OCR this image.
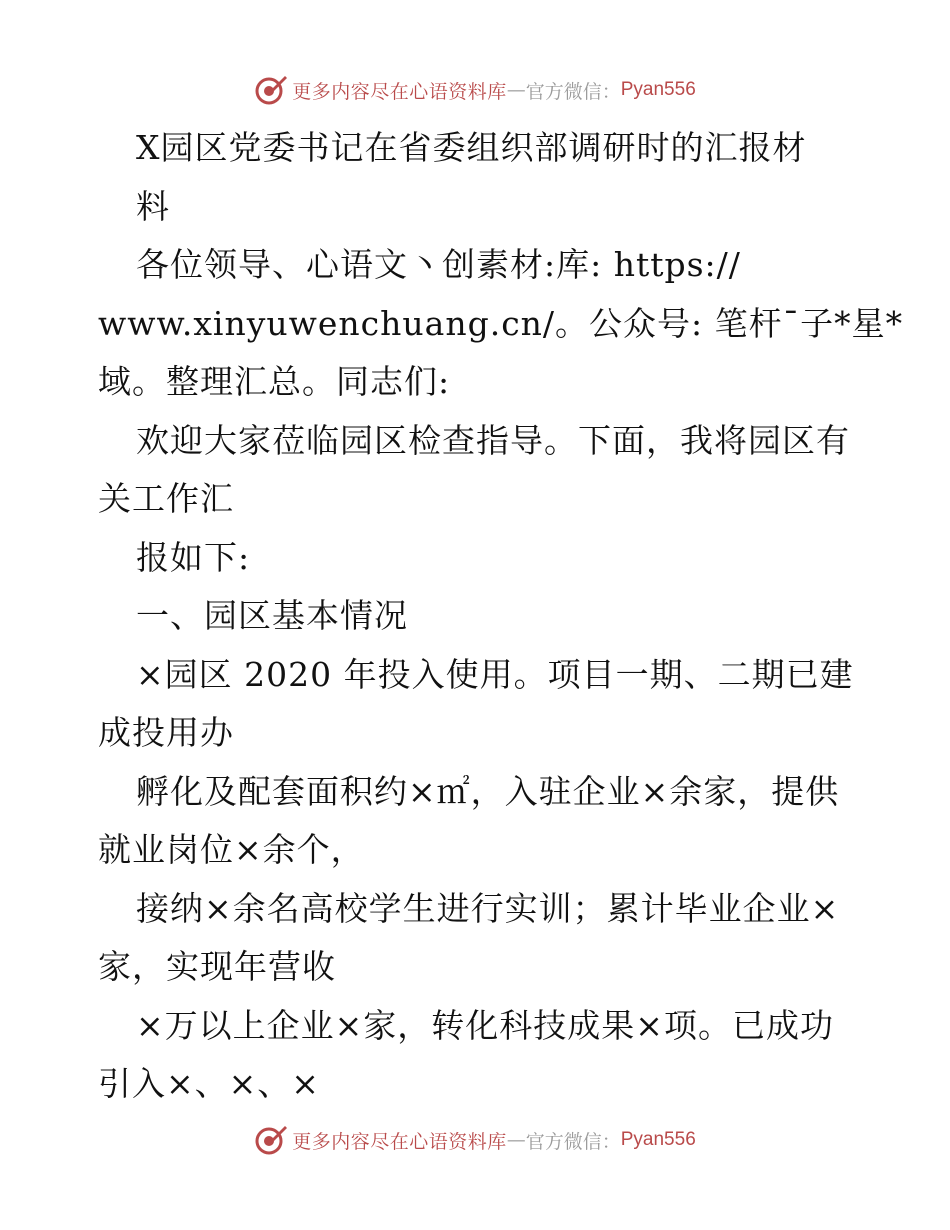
更多内容尽在心语资料库 — 官方微信： Pyan556
X园区党委书记在省委组织部调研时的汇报材
料
各位领导、心语文丶创素材:库: https://
www.xinyuwenchuang.cn/。公众号: 笔杆¯子*星*
域。整理汇总。同志们:
欢迎大家莅临园区检查指导。下面，我将园区有
关工作汇
报如下:
一、园区基本情况
×园区 2020 年投入使用。项目一期、二期已建
成投用办
孵化及配套面积约×㎡，入驻企业×余家，提供
就业岗位×余个，
接纳×余名高校学生进行实训；累计毕业企业×
家，实现年营收
×万以上企业×家，转化科技成果×项。已成功
引入×、×、×
更多内容尽在心语资料库 — 官方微信： Pyan556
